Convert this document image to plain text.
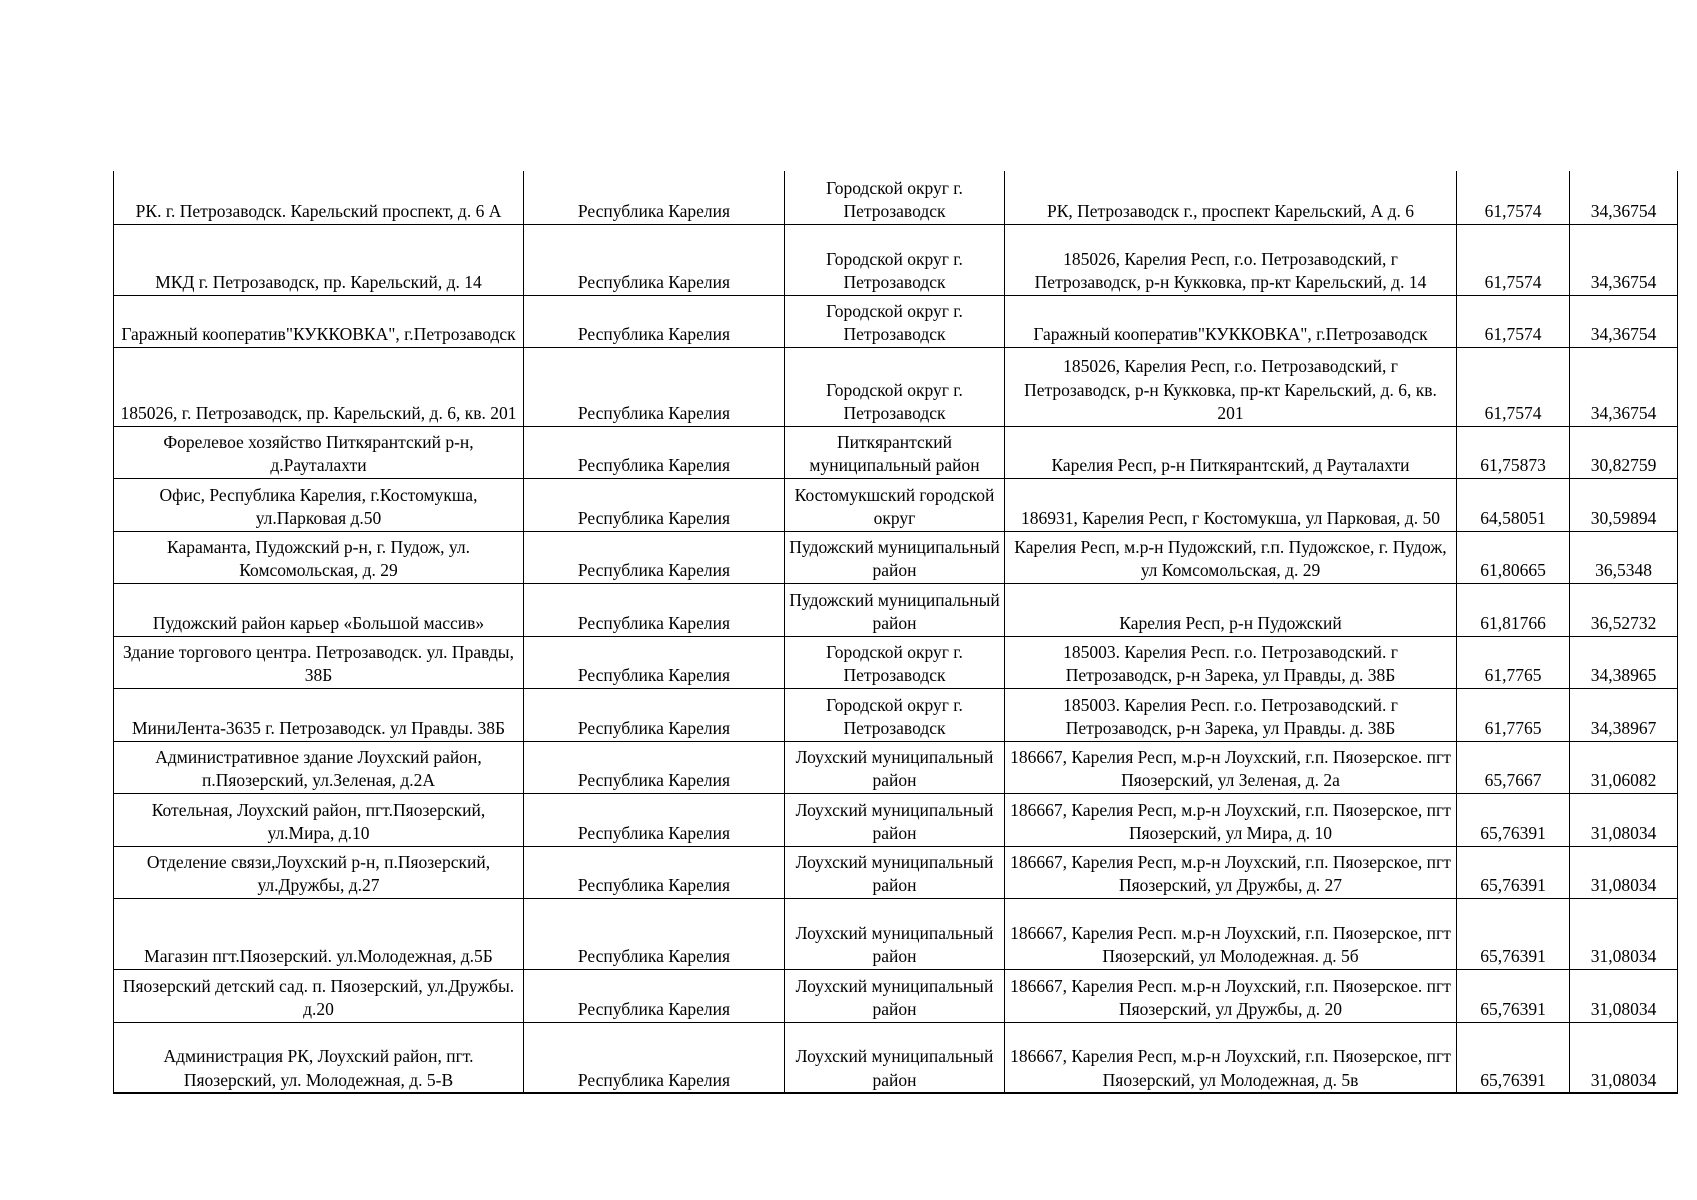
РК. г. Петрозаводск. Карельский проспект, д. 6 А	Республика Карелия	Городской округ г. Петрозаводск	РК, Петрозаводск г., проспект Карельский, А д. 6	61,7574	34,36754
МКД г. Петрозаводск, пр. Карельский, д. 14	Республика Карелия	Городской округ г. Петрозаводск	185026, Карелия Респ, г.о. Петрозаводский, г Петрозаводск, р-н Кукковка, пр-кт Карельский, д. 14	61,7574	34,36754
Гаражный кооператив"КУККОВКА", г.Петрозаводск	Республика Карелия	Городской округ г. Петрозаводск	Гаражный кооператив"КУККОВКА", г.Петрозаводск	61,7574	34,36754
185026, г. Петрозаводск, пр. Карельский, д. 6, кв. 201	Республика Карелия	Городской округ г. Петрозаводск	185026, Карелия Респ, г.о. Петрозаводский, г Петрозаводск, р-н Кукковка, пр-кт Карельский, д. 6, кв. 201	61,7574	34,36754
Форелевое хозяйство Питкярантский р-н, д.Рауталахти	Республика Карелия	Питкярантский муниципальный район	Карелия Респ, р-н Питкярантский, д Рауталахти	61,75873	30,82759
Офис, Республика Карелия, г.Костомукша, ул.Парковая д.50	Республика Карелия	Костомукшский городской округ	186931, Карелия Респ, г Костомукша, ул Парковая, д. 50	64,58051	30,59894
Караманта, Пудожский р-н, г. Пудож, ул. Комсомольская, д. 29	Республика Карелия	Пудожский муниципальный район	Карелия Респ, м.р-н Пудожский, г.п. Пудожское, г. Пудож, ул Комсомольская, д. 29	61,80665	36,5348
Пудожский район карьер «Большой массив»	Республика Карелия	Пудожский муниципальный район	Карелия Респ, р-н Пудожский	61,81766	36,52732
Здание торгового центра. Петрозаводск. ул. Правды, 38Б	Республика Карелия	Городской округ г. Петрозаводск	185003. Карелия Респ. г.о. Петрозаводский. г Петрозаводск, р-н Зарека, ул Правды, д. 38Б	61,7765	34,38965
МиниЛента-3635 г. Петрозаводск. ул Правды. 38Б	Республика Карелия	Городской округ г. Петрозаводск	185003. Карелия Респ. г.о. Петрозаводский. г Петрозаводск, р-н Зарека, ул Правды. д. 38Б	61,7765	34,38967
Административное здание Лоухский район, п.Пяозерский, ул.Зеленая, д.2А	Республика Карелия	Лоухский муниципальный район	186667, Карелия Респ, м.р-н Лоухский, г.п. Пяозерское. пгт Пяозерский, ул Зеленая, д. 2а	65,7667	31,06082
Котельная, Лоухский район, пгт.Пяозерский, ул.Мира, д.10	Республика Карелия	Лоухский муниципальный район	186667, Карелия Респ, м.р-н Лоухский, г.п. Пяозерское, пгт Пяозерский, ул Мира, д. 10	65,76391	31,08034
Отделение связи,Лоухский р-н, п.Пяозерский, ул.Дружбы, д.27	Республика Карелия	Лоухский муниципальный район	186667, Карелия Респ, м.р-н Лоухский, г.п. Пяозерское, пгт Пяозерский, ул Дружбы, д. 27	65,76391	31,08034
Магазин пгт.Пяозерский. ул.Молодежная, д.5Б	Республика Карелия	Лоухский муниципальный район	186667, Карелия Респ. м.р-н Лоухский, г.п. Пяозерское, пгт Пяозерский, ул Молодежная. д. 5б	65,76391	31,08034
Пяозерский детский сад. п. Пяозерский, ул.Дружбы. д.20	Республика Карелия	Лоухский муниципальный район	186667, Карелия Респ. м.р-н Лоухский, г.п. Пяозерское. пгт Пяозерский, ул Дружбы, д. 20	65,76391	31,08034
Администрация РК, Лоухский район, пгт. Пяозерский, ул. Молодежная, д. 5-В	Республика Карелия	Лоухский муниципальный район	186667, Карелия Респ, м.р-н Лоухский, г.п. Пяозерское, пгт Пяозерский, ул Молодежная, д. 5в	65,76391	31,08034
